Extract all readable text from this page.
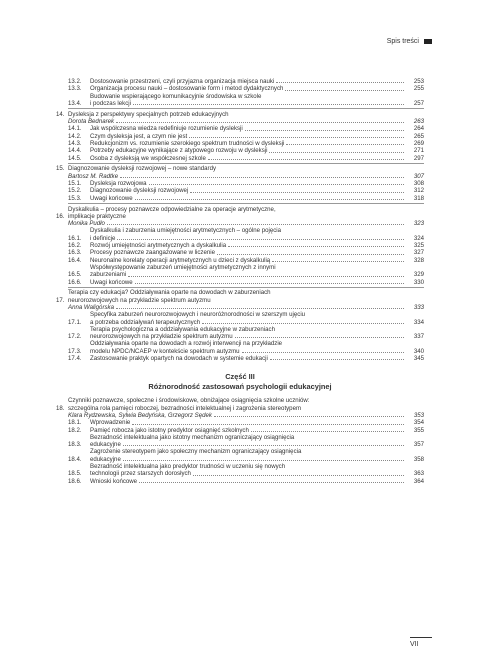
Spis treści
13.2.	Dostosowanie przestrzeni, czyli przyjazna organizacja miejsca nauki	253
13.3.	Organizacja procesu nauki – dostosowanie form i metod dydaktycznych	255
13.4.
Budowanie wspierającego komunikacyjnie środowiska w szkole
i podczas lekcji	257
14. Dysleksja z perspektywy specjalnych potrzeb edukacyjnych
Dorota Bednarek	263
14.1.	Jak współczesna wiedza redefiniuje rozumienie dysleksji	264
14.2.	Czym dysleksja jest, a czym nie jest	265
14.3.	Redukcjonizm vs. rozumienie szerokiego spektrum trudności w dysleksji	269
14.4.	Potrzeby edukacyjne wynikające z atypowego rozwoju w dysleksji	271
14.5.	Osoba z dysleksją we współczesnej szkole	297
15. Diagnozowanie dysleksji rozwojowej – nowe standardy
Bartosz M. Radtke	307
15.1.	Dysleksja rozwojowa	308
15.2.	Diagnozowanie dysleksji rozwojowej	312
15.3.	Uwagi końcowe	318
16.
Dyskalkulia – procesy poznawcze odpowiedzialne za operacje arytmetyczne,
implikacje praktyczne
Monika Pudło	323
16.1.
Dyskalkulia i zaburzenia umiejętności arytmetycznych – ogólne pojęcia
i definicje	324
16.2.	Rozwój umiejętności arytmetycznych a dyskalkulia	325
16.3.	Procesy poznawcze zaangażowane w liczenie	327
16.4.	Neuronalne korelaty operacji arytmetycznych u dzieci z dyskalkulią	328
16.5.
Współwystępowanie zaburzeń umiejętności arytmetycznych z innymi
zaburzeniami	329
16.6.	Uwagi końcowe	330
17.
Terapia czy edukacja? Oddziaływania oparte na dowodach w zaburzeniach
neurorozwojowych na przykładzie spektrum autyzmu
Anna Waligórska	333
17.1.
Specyfika zaburzeń neurorozwojowych i neuroróżnorodności w szerszym ujęciu
a potrzeba oddziaływań terapeutycznych	334
17.2.
Terapia psychologiczna a oddziaływania edukacyjne w zaburzeniach
neurorozwojowych na przykładzie spektrum autyzmu	337
17.3.
Oddziaływania oparte na dowodach a rozwój interwencji na przykładzie
modelu NPDC/NCAEP w kontekście spektrum autyzmu	340
17.4.	Zastosowanie praktyk opartych na dowodach w systemie edukacji	345
Część III
Różnorodność zastosowań psychologii edukacyjnej
18.
Czynniki poznawcze, społeczne i środowiskowe, obniżające osiągnięcia szkolne uczniów:
szczególna rola pamięci roboczej, bezradności intelektualnej i zagrożenia stereotypem
Klara Rydzewska, Sylwia Bedyńska, Grzegorz Sędek	353
18.1.	Wprowadzenie	354
18.2.	Pamięć robocza jako istotny predyktor osiągnięć szkolnych	355
18.3.
Bezradność intelektualna jako istotny mechanizm ograniczający osiągnięcia
edukacyjne	357
18.4.
Zagrożenie stereotypem jako społeczny mechanizm ograniczający osiągnięcia
edukacyjne	358
18.5.
Bezradność intelektualna jako predyktor trudności w uczeniu się nowych
technologii przez starszych dorosłych	363
18.6.	Wnioski końcowe	364
VII
